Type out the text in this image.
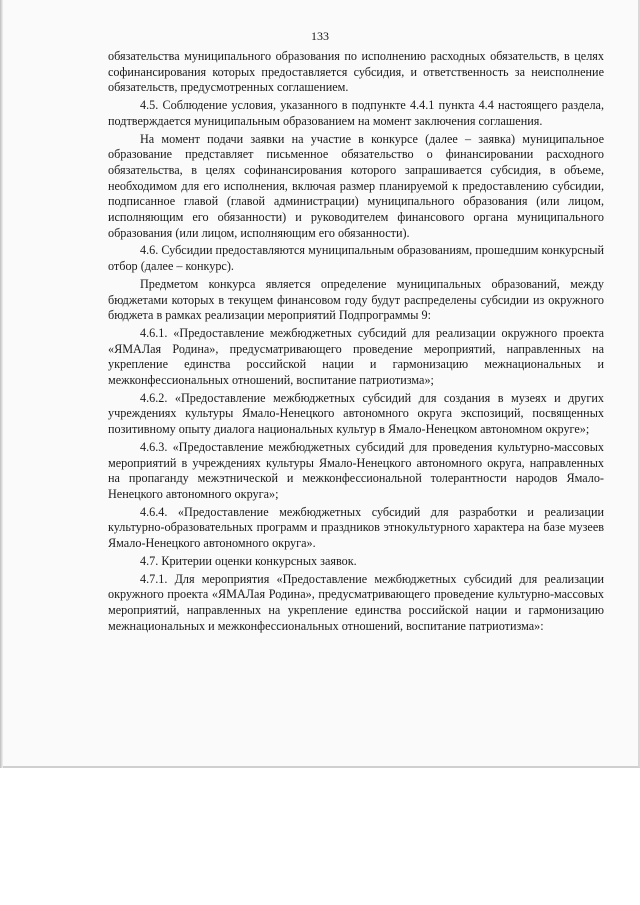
133

обязательства муниципального образования по исполнению расходных обязательств, в целях софинансирования которых предоставляется субсидия, и ответственность за неисполнение обязательств, предусмотренных соглашением.

4.5. Соблюдение условия, указанного в подпункте 4.4.1 пункта 4.4 настоящего раздела, подтверждается муниципальным образованием на момент заключения соглашения.

На момент подачи заявки на участие в конкурсе (далее – заявка) муниципальное образование представляет письменное обязательство о финансировании расходного обязательства, в целях софинансирования которого запрашивается субсидия, в объеме, необходимом для его исполнения, включая размер планируемой к предоставлению субсидии, подписанное главой (главой администрации) муниципального образования (или лицом, исполняющим его обязанности) и руководителем финансового органа муниципального образования (или лицом, исполняющим его обязанности).

4.6. Субсидии предоставляются муниципальным образованиям, прошедшим конкурсный отбор (далее – конкурс).

Предметом конкурса является определение муниципальных образований, между бюджетами которых в текущем финансовом году будут распределены субсидии из окружного бюджета в рамках реализации мероприятий Подпрограммы 9:

4.6.1. «Предоставление межбюджетных субсидий для реализации окружного проекта «ЯМАЛая Родина», предусматривающего проведение мероприятий, направленных на укрепление единства российской нации и гармонизацию межнациональных и межконфессиональных отношений, воспитание патриотизма»;

4.6.2. «Предоставление межбюджетных субсидий для создания в музеях и других учреждениях культуры Ямало-Ненецкого автономного округа экспозиций, посвященных позитивному опыту диалога национальных культур в Ямало-Ненецком автономном округе»;

4.6.3. «Предоставление межбюджетных субсидий для проведения культурно-массовых мероприятий в учреждениях культуры Ямало-Ненецкого автономного округа, направленных на пропаганду межэтнической и межконфессиональной толерантности народов Ямало-Ненецкого автономного округа»;

4.6.4. «Предоставление межбюджетных субсидий для разработки и реализации культурно-образовательных программ и праздников этнокультурного характера на базе музеев Ямало-Ненецкого автономного округа».

4.7. Критерии оценки конкурсных заявок.

4.7.1. Для мероприятия «Предоставление межбюджетных субсидий для реализации окружного проекта «ЯМАЛая Родина», предусматривающего проведение культурно-массовых мероприятий, направленных на укрепление единства российской нации и гармонизацию межнациональных и межконфессиональных отношений, воспитание патриотизма»:
